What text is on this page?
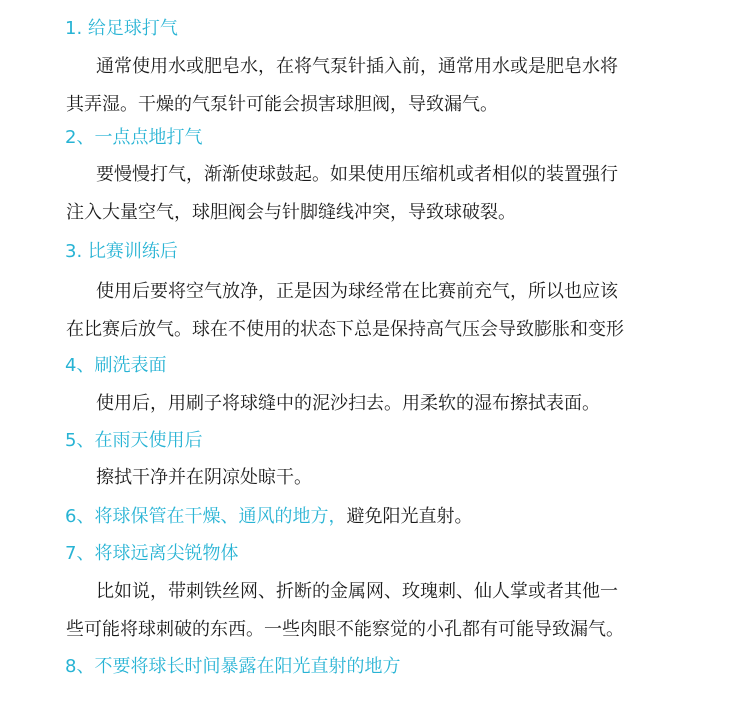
1. 给足球打气

通常使用水或肥皂水，在将气泵针插入前，通常用水或是肥皂水将
其弄湿。干燥的气泵针可能会损害球胆阀，导致漏气。

2、一点点地打气

要慢慢打气，渐渐使球鼓起。如果使用压缩机或者相似的装置强行
注入大量空气，球胆阀会与针脚缝线冲突，导致球破裂。

3. 比赛训练后

使用后要将空气放净，正是因为球经常在比赛前充气，所以也应该
在比赛后放气。球在不使用的状态下总是保持高气压会导致膨胀和变形

4、刷洗表面

使用后，用刷子将球缝中的泥沙扫去。用柔软的湿布擦拭表面。

5、在雨天使用后

擦拭干净并在阴凉处晾干。

6、将球保管在干燥、通风的地方，避免阳光直射。
7、将球远离尖锐物体

比如说，带刺铁丝网、折断的金属网、玫瑰刺、仙人掌或者其他一
些可能将球刺破的东西。一些肉眼不能察觉的小孔都有可能导致漏气。

8、不要将球长时间暴露在阳光直射的地方
